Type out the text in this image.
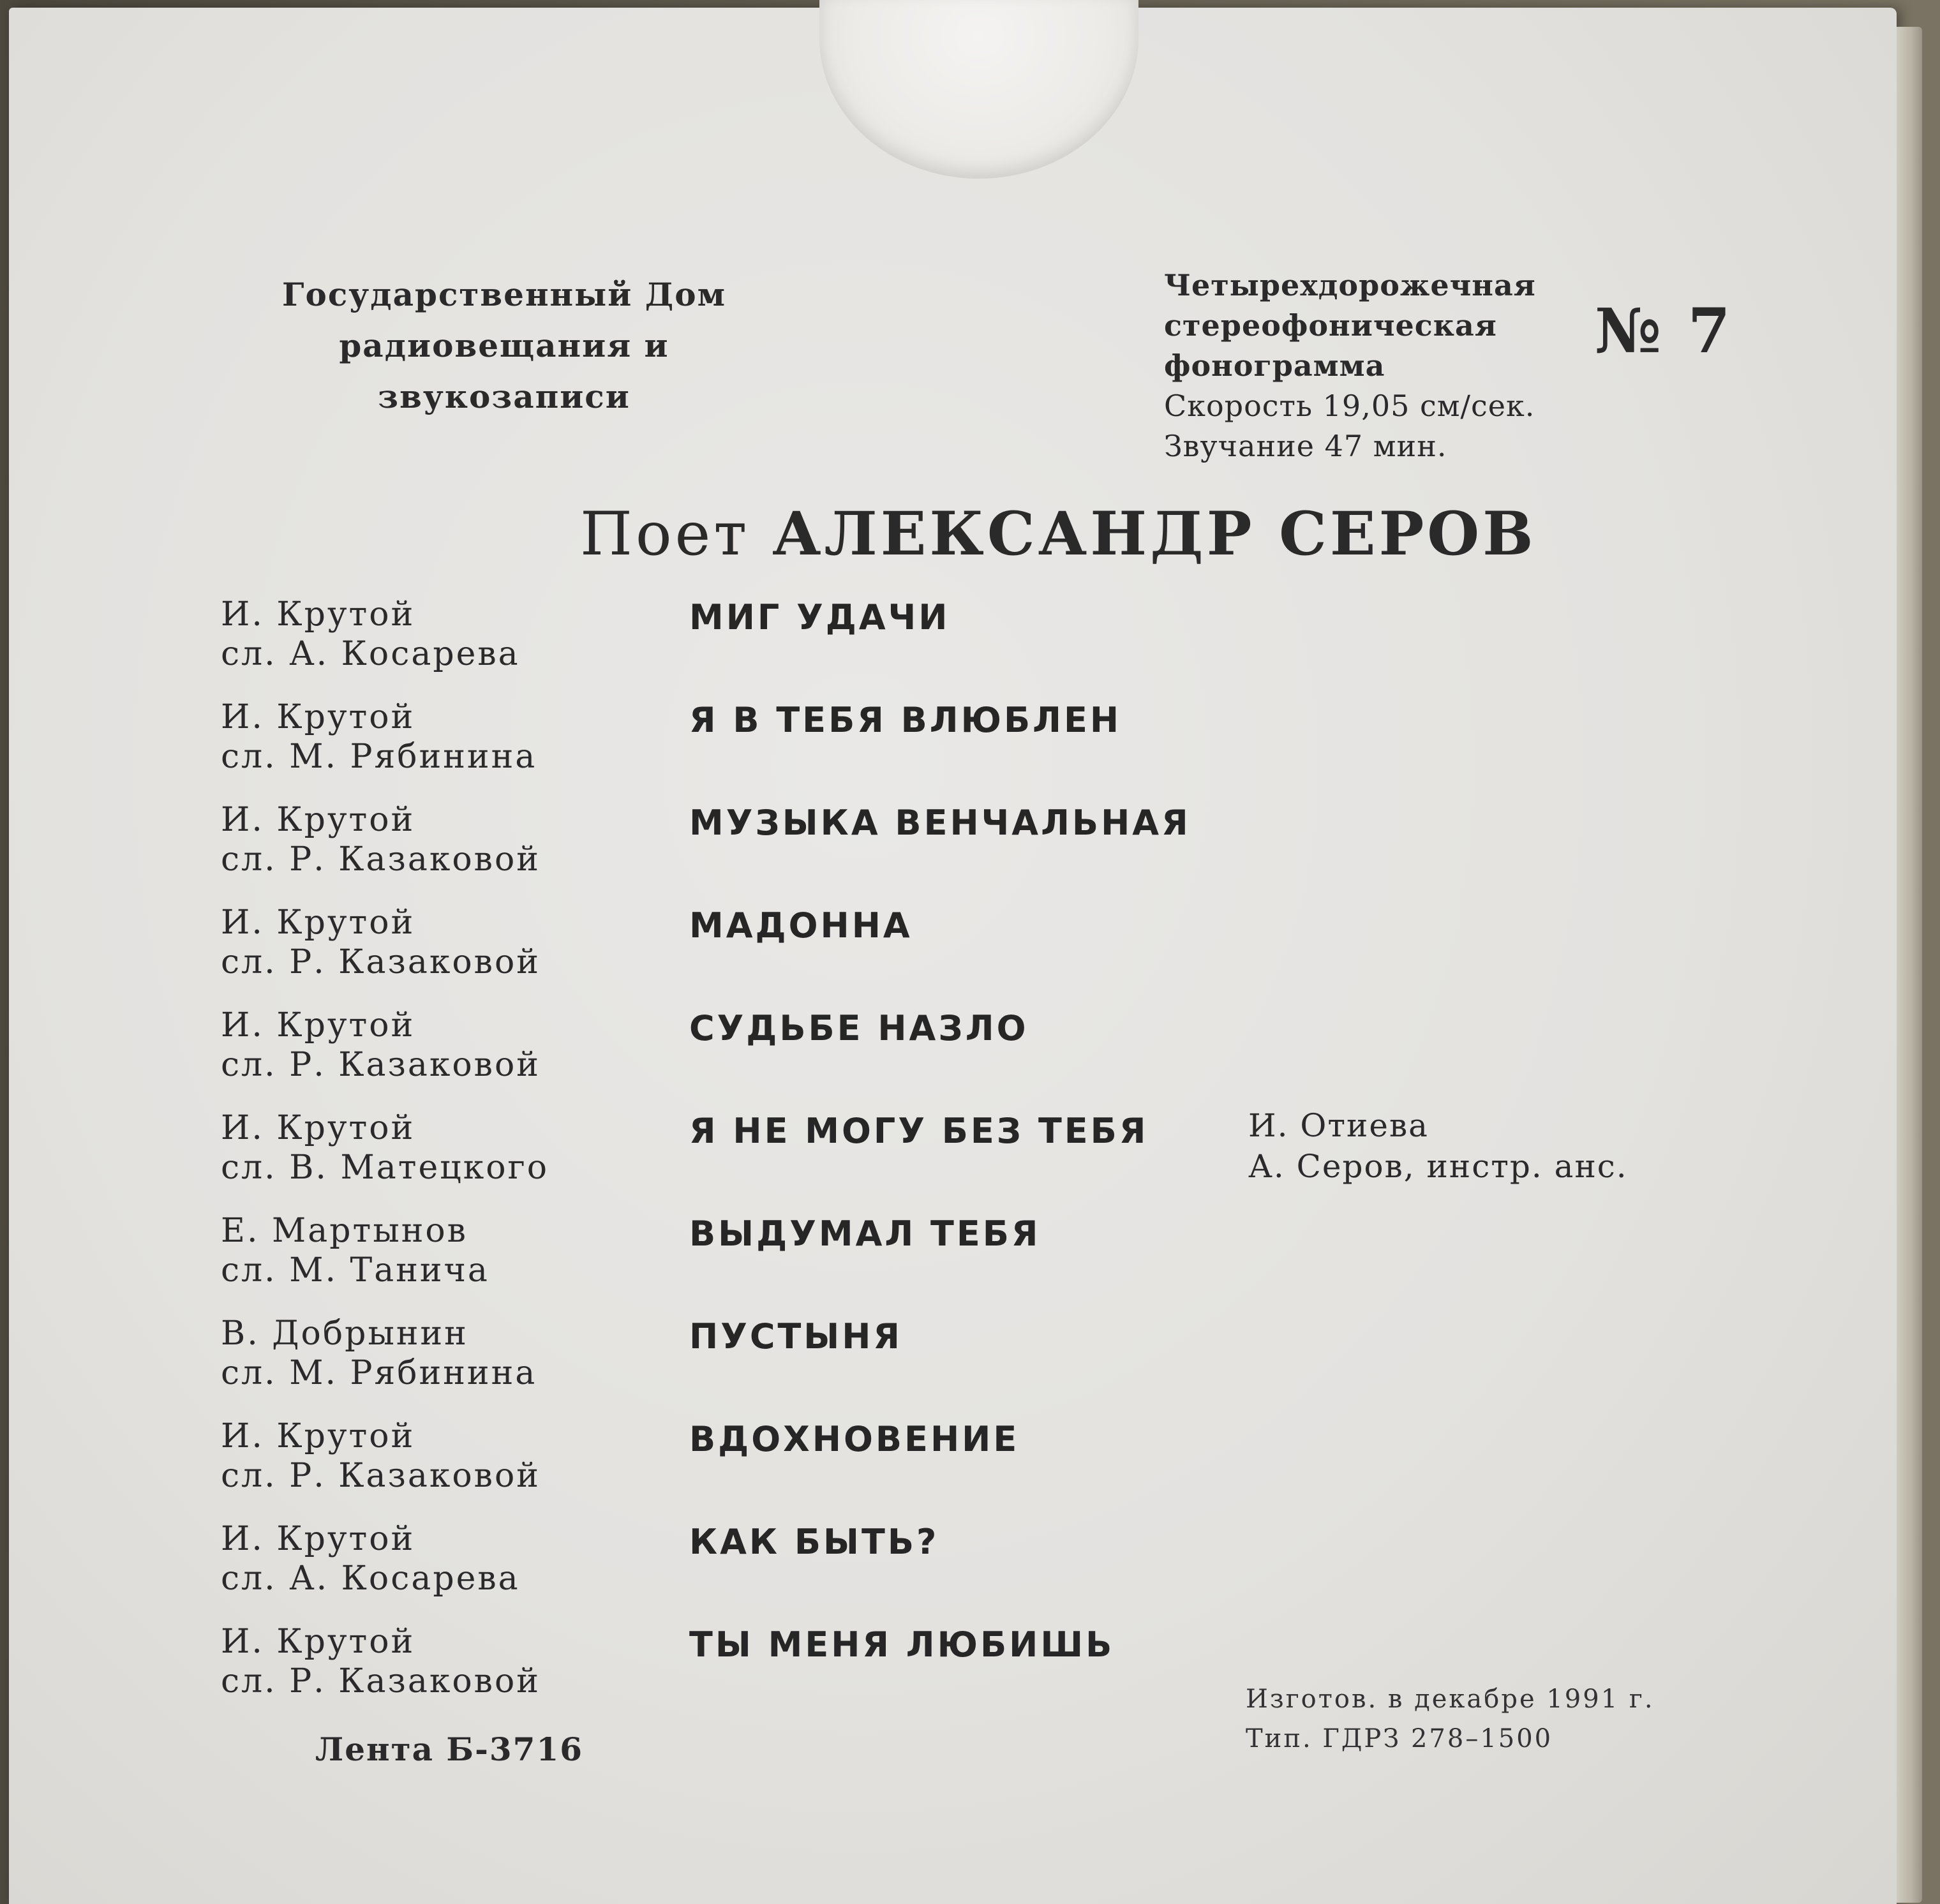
Государственный Дом
радиовещания и звукозаписи
Четырехдорожечная
стереофоническая
фонограмма
Скорость 19,05 см/сек.
Звучание 47 мин.
№ 7
Поет АЛЕКСАНДР СЕРОВ
И. Крутой
сл. А. Косарева
МИГ УДАЧИ
И. Крутой
сл. М. Рябинина
Я В ТЕБЯ ВЛЮБЛЕН
И. Крутой
сл. Р. Казаковой
МУЗЫКА ВЕНЧАЛЬНАЯ
И. Крутой
сл. Р. Казаковой
МАДОННА
И. Крутой
сл. Р. Казаковой
СУДЬБЕ НАЗЛО
И. Крутой
сл. В. Матецкого
Я НЕ МОГУ БЕЗ ТЕБЯ
Е. Мартынов
сл. М. Танича
ВЫДУМАЛ ТЕБЯ
В. Добрынин
сл. М. Рябинина
ПУСТЫНЯ
И. Крутой
сл. Р. Казаковой
ВДОХНОВЕНИЕ
И. Крутой
сл. А. Косарева
КАК БЫТЬ?
И. Крутой
сл. Р. Казаковой
ТЫ МЕНЯ ЛЮБИШЬ
И. Отиева
А. Серов, инстр. анс.
Лента Б-3716
Изготов. в декабре 1991 г.
Тип. ГДРЗ 278–1500
